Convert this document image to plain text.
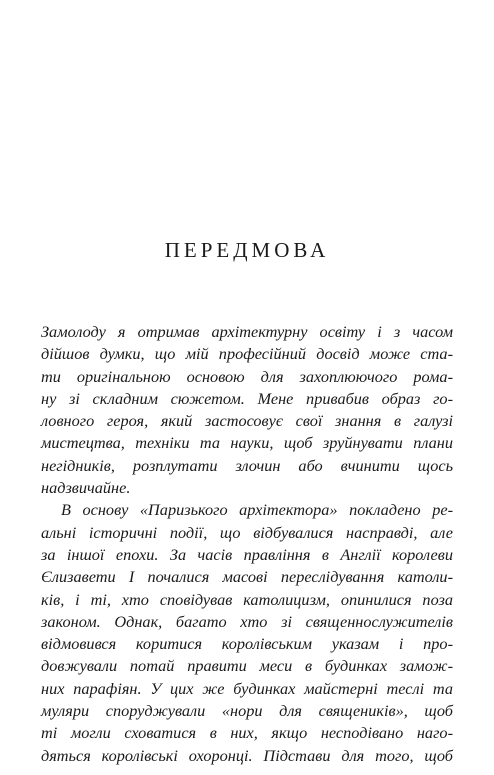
ПЕРЕДМОВА
Замолоду я отримав архітектурну освіту і з часом
дійшов думки, що мій професійний досвід може ста-
ти оригінальною основою для захоплюючого рома-
ну зі складним сюжетом. Мене привабив образ го-
ловного героя, який застосовує свої знання в галузі
мистецтва, техніки та науки, щоб зруйнувати плани
негідників, розплутати злочин або вчинити щось
надзвичайне.
В основу «Паризького архітектора» покладено ре-
альні історичні події, що відбувалися насправді, але
за іншої епохи. За часів правління в Англії королеви
Єлизавети I почалися масові переслідування католи-
ків, і ті, хто сповідував католицизм, опинилися поза
законом. Однак, багато хто зі священнослужителів
відмовився коритися королівським указам і про-
довжували потай правити меси в будинках замож-
них парафіян. У цих же будинках майстерні теслі та
муляри споруджували «нори для священиків», щоб
ті могли сховатися в них, якщо несподівано наго-
дяться королівські охоронці. Підстави для того, щоб
